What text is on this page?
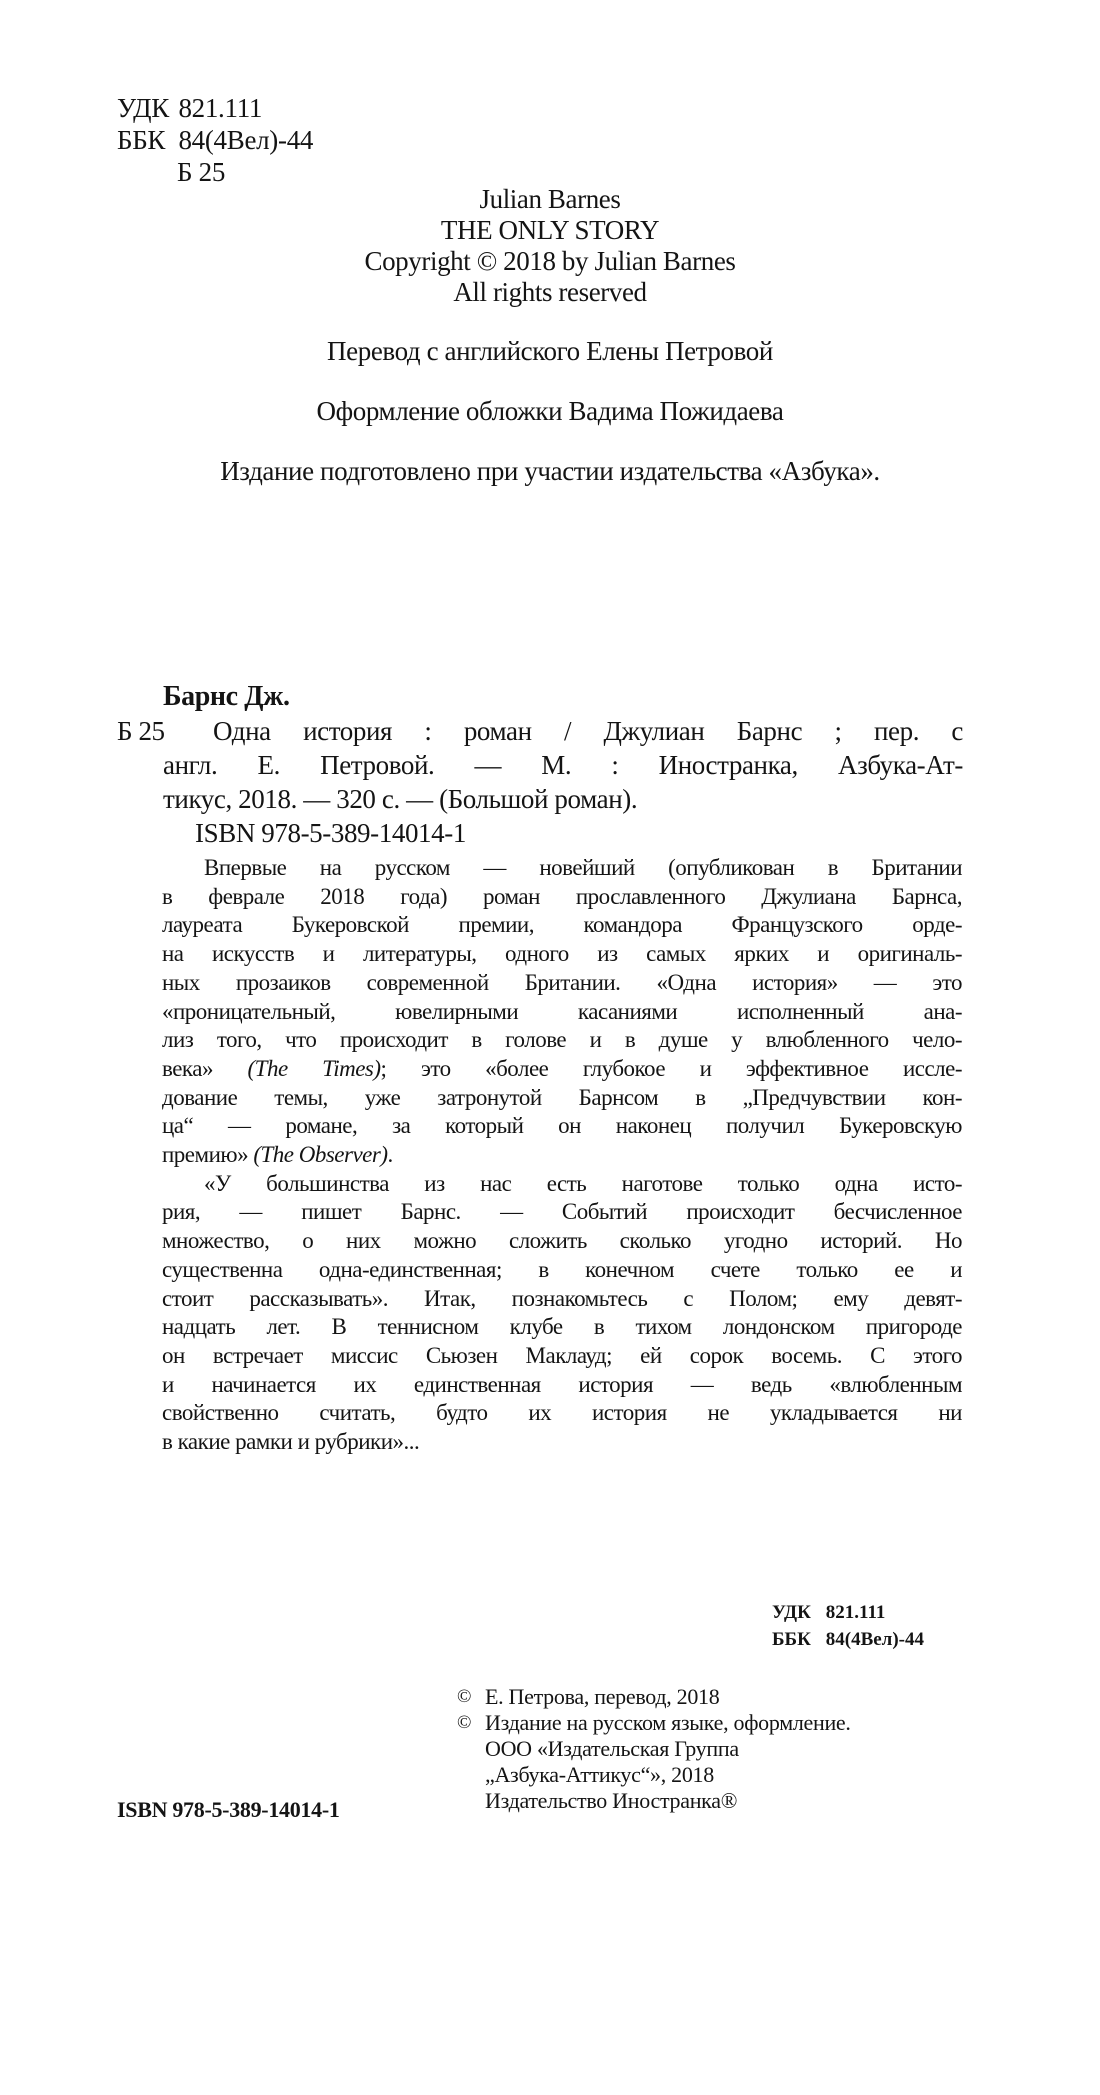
УДК 821.111
ББК 84(4Вел)-44
Б 25
Julian Barnes
THE ONLY STORY
Copyright © 2018 by Julian Barnes
All rights reserved
Перевод с английского Елены Петровой
Оформление обложки Вадима Пожидаева
Издание подготовлено при участии издательства «Азбука».
Барнс Дж.
Б 25 Одна история : роман / Джулиан Барнс ; пер. с
англ. Е. Петровой. — М. : Иностранка, Азбука-Ат-
тикус, 2018. — 320 с. — (Большой роман).
ISBN 978-5-389-14014-1
Впервые на русском — новейший (опубликован в Британии
в феврале 2018 года) роман прославленного Джулиана Барнса,
лауреата Букеровской премии, командора Французского орде-
на искусств и литературы, одного из самых ярких и оригиналь-
ных прозаиков современной Британии. «Одна история» — это
«проницательный, ювелирными касаниями исполненный ана-
лиз того, что происходит в голове и в душе у влюбленного чело-
века» (The Times); это «более глубокое и эффективное иссле-
дование темы, уже затронутой Барнсом в „Предчувствии кон-
ца“ — романе, за который он наконец получил Букеровскую
премию» (The Observer).
«У большинства из нас есть наготове только одна исто-
рия, — пишет Барнс. — Событий происходит бесчисленное
множество, о них можно сложить сколько угодно историй. Но
существенна одна-единственная; в конечном счете только ее и
стоит рассказывать». Итак, познакомьтесь с Полом; ему девят-
надцать лет. В теннисном клубе в тихом лондонском пригороде
он встречает миссис Сьюзен Маклауд; ей сорок восемь. С этого
и начинается их единственная история — ведь «влюбленным
свойственно считать, будто их история не укладывается ни
в какие рамки и рубрики»...
УДК 821.111
ББК 84(4Вел)-44
© Е. Петрова, перевод, 2018
© Издание на русском языке, оформление.
ООО «Издательская Группа
„Азбука-Аттикус“», 2018
Издательство Иностранка®
ISBN 978-5-389-14014-1
